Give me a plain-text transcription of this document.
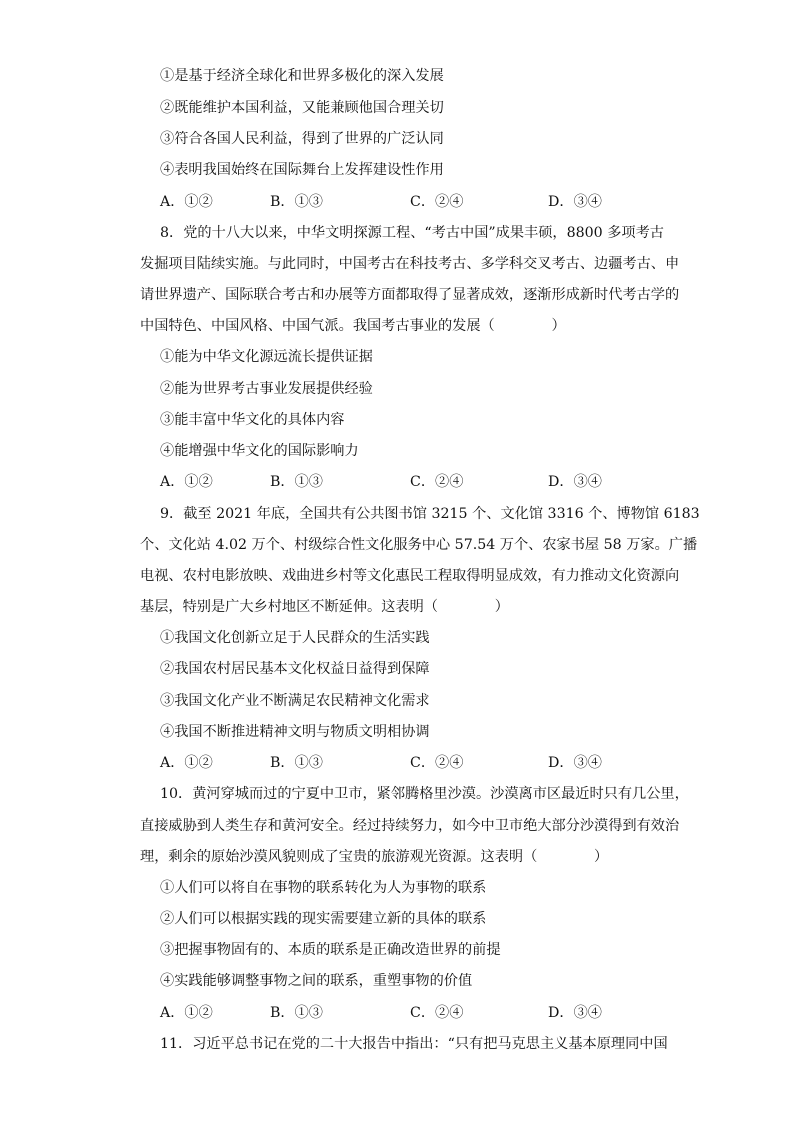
①是基于经济全球化和世界多极化的深入发展
②既能维护本国利益，又能兼顾他国合理关切
③符合各国人民利益，得到了世界的广泛认同
④表明我国始终在国际舞台上发挥建设性作用
A．①②	B．①③	C．②④	D．③④
8．党的十八大以来，中华文明探源工程、“考古中国”成果丰硕，8800 多项考古
发掘项目陆续实施。与此同时，中国考古在科技考古、多学科交叉考古、边疆考古、申
请世界遗产、国际联合考古和办展等方面都取得了显著成效，逐渐形成新时代考古学的
中国特色、中国风格、中国气派。我国考古事业的发展（　　　　）
①能为中华文化源远流长提供证据
②能为世界考古事业发展提供经验
③能丰富中华文化的具体内容
④能增强中华文化的国际影响力
A．①②	B．①③	C．②④	D．③④
9．截至 2021 年底，全国共有公共图书馆 3215 个、文化馆 3316 个、博物馆 6183
个、文化站 4.02 万个、村级综合性文化服务中心 57.54 万个、农家书屋 58 万家。广播
电视、农村电影放映、戏曲进乡村等文化惠民工程取得明显成效，有力推动文化资源向
基层，特别是广大乡村地区不断延伸。这表明（　　　　）
①我国文化创新立足于人民群众的生活实践
②我国农村居民基本文化权益日益得到保障
③我国文化产业不断满足农民精神文化需求
④我国不断推进精神文明与物质文明相协调
A．①②	B．①③	C．②④	D．③④
10．黄河穿城而过的宁夏中卫市，紧邻腾格里沙漠。沙漠离市区最近时只有几公里，
直接威胁到人类生存和黄河安全。经过持续努力，如今中卫市绝大部分沙漠得到有效治
理，剩余的原始沙漠风貌则成了宝贵的旅游观光资源。这表明（　　　　）
①人们可以将自在事物的联系转化为人为事物的联系
②人们可以根据实践的现实需要建立新的具体的联系
③把握事物固有的、本质的联系是正确改造世界的前提
④实践能够调整事物之间的联系，重塑事物的价值
A．①②	B．①③	C．②④	D．③④
11．习近平总书记在党的二十大报告中指出：“只有把马克思主义基本原理同中国
